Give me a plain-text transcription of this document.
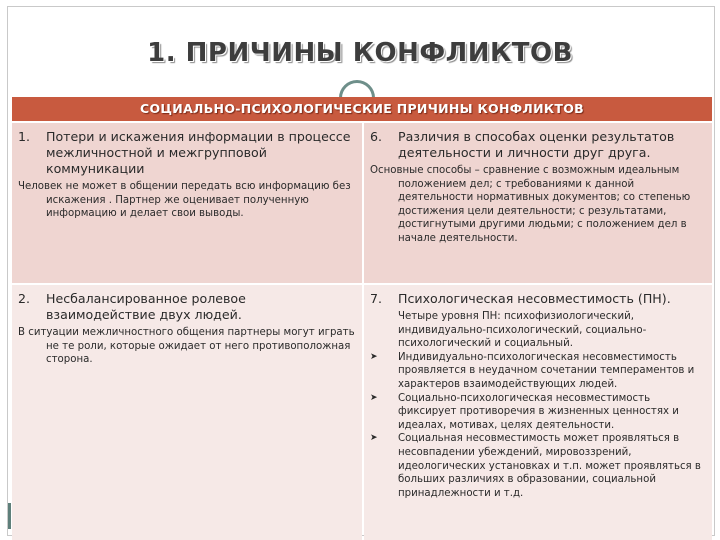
1. ПРИЧИНЫ КОНФЛИКТОВ
СОЦИАЛЬНО-ПСИХОЛОГИЧЕСКИЕ ПРИЧИНЫ КОНФЛИКТОВ
1.	Потери и искажения информации в процессе межличностной и межгрупповой коммуникации
Человек не может в общении передать всю информацию без искажения . Партнер же оценивает полученную информацию и делает свои выводы.
6.	Различия в способах оценки результатов деятельности и личности друг друга.
Основные способы – сравнение с возможным идеальным положением дел; с требованиями к данной деятельности нормативных документов; со степенью достижения цели деятельности; с результатами, достигнутыми другими людьми; с положением дел в начале деятельности.
2.	Несбалансированное ролевое взаимодействие двух людей.
В ситуации межличностного общения партнеры могут играть не те роли, которые ожидает от него противоположная сторона.
7.	Психологическая несовместимость (ПН).
Четыре уровня ПН: психофизиологический, индивидуально-психологический, социально-психологический и социальный.
➤	Индивидуально-психологическая несовместимость проявляется в неудачном сочетании темпераментов и характеров взаимодействующих людей.
➤	Социально-психологическая несовместимость фиксирует противоречия в жизненных ценностях и идеалах, мотивах, целях деятельности.
➤	Социальная несовместимость может проявляться в несовпадении убеждений, мировоззрений, идеологических установках и т.п. может проявляться в больших различиях в образовании, социальной принадлежности и т.д.
